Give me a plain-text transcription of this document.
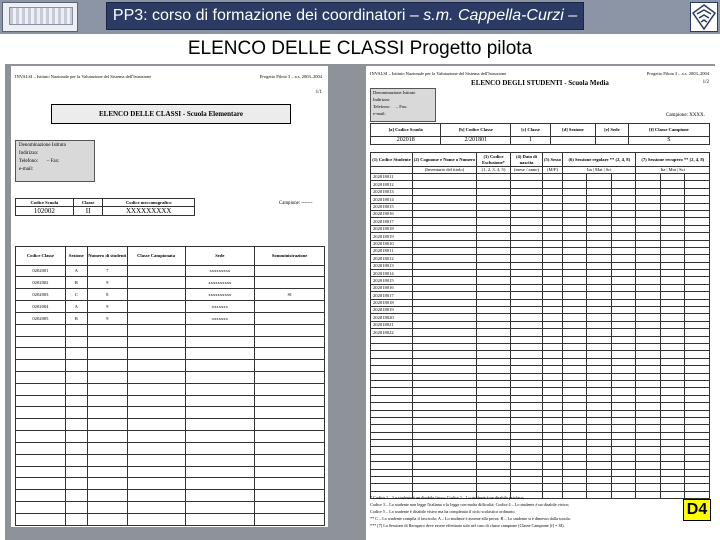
PP3: corso di formazione dei coordinatori – s.m. Cappella-Curzi –
ELENCO DELLE CLASSI Progetto pilota
INVALSI – Istituto Nazionale per la Valutazione del Sistema dell'Istruzione	Progetto Pilota 3 – a.s. 2003–2004
1/1
ELENCO DELLE CLASSI - Scuola Elementare
Denominazione Istituto
Indirizzo:
Telefono: – Fax:
e-mail:
Codice Scuola	Classe	Codice meccanografico
102002	II	XXXXXXXXX
Campione: -------
Codice Classe	Sezione	Numero di studenti	Classe Campionata	Sede	Somministrazione
0202001	A	7		xxxxxxxxx	
0202002	B	9		xxxxxxxxxx	
0202003	C	8		xxxxxxxxxx	SI
0202004	A	9		xxxxxxx	
0202005	B	9		xxxxxxx	

INVALSI – Istituto Nazionale per la Valutazione del Sistema dell'Istruzione	Progetto Pilota 3 – a.s. 2003–2004
ELENCO DEGLI STUDENTI - Scuola Media	1/2
Denominazione Istituto
Indirizzo:
Telefono: – Fax:
e-mail:	Campione: XXXX.
[a] Codice Scuola	[b] Codice Classe	[c] Classe	[d] Sezione	[e] Sede	[f] Classe Campione
202018	2/201801	I			S
(1) Codice Studente	(2) Cognome e Nome o Numero	(3) Codice Esclusione*	(4) Data di nascita	(5) Sesso	(6) Sessione regolare ** (2, 4, 8)			(7) Sessione recupero ** (2, 4, 8)		
	(Inventario del titolo)	(1, 2, 3, 4, 5)	(mese / anno)	(M/F)	Ita | Mat | Sci			Ita | Mat | Sci		
202018011										
202018012										
202018013										
202018014										
202018015										
202018016										
202018017										
202018018										
202018019										
202018010										
202018011										
202018012										
202018013										
202018014										
202018015										
202018016										
202018017										
202018018										
202018019										
202018020										
202018021										
202018022										

* Codice 1 – Lo studente è un disabile fisico; Codice 2 – Lo studente è un disabile psichico;
Codice 3 – Lo studente non legge l'italiano o lo legge con molta difficoltà; Codice 4 – Lo studente è un disabile visivo;
Codice 5 – Lo studente è disabile visivo ma ha completato il ciclo scolastico ordinario.
** C – Lo studente compila il fascicolo; A – Lo studente è assente alla prova; R – Lo studente si è dimesso dalla scuola.
*** [7] La Sessione di Recupero deve essere effettuata solo nel caso di classe campione (Classe Campione [f] = SI).
D4
